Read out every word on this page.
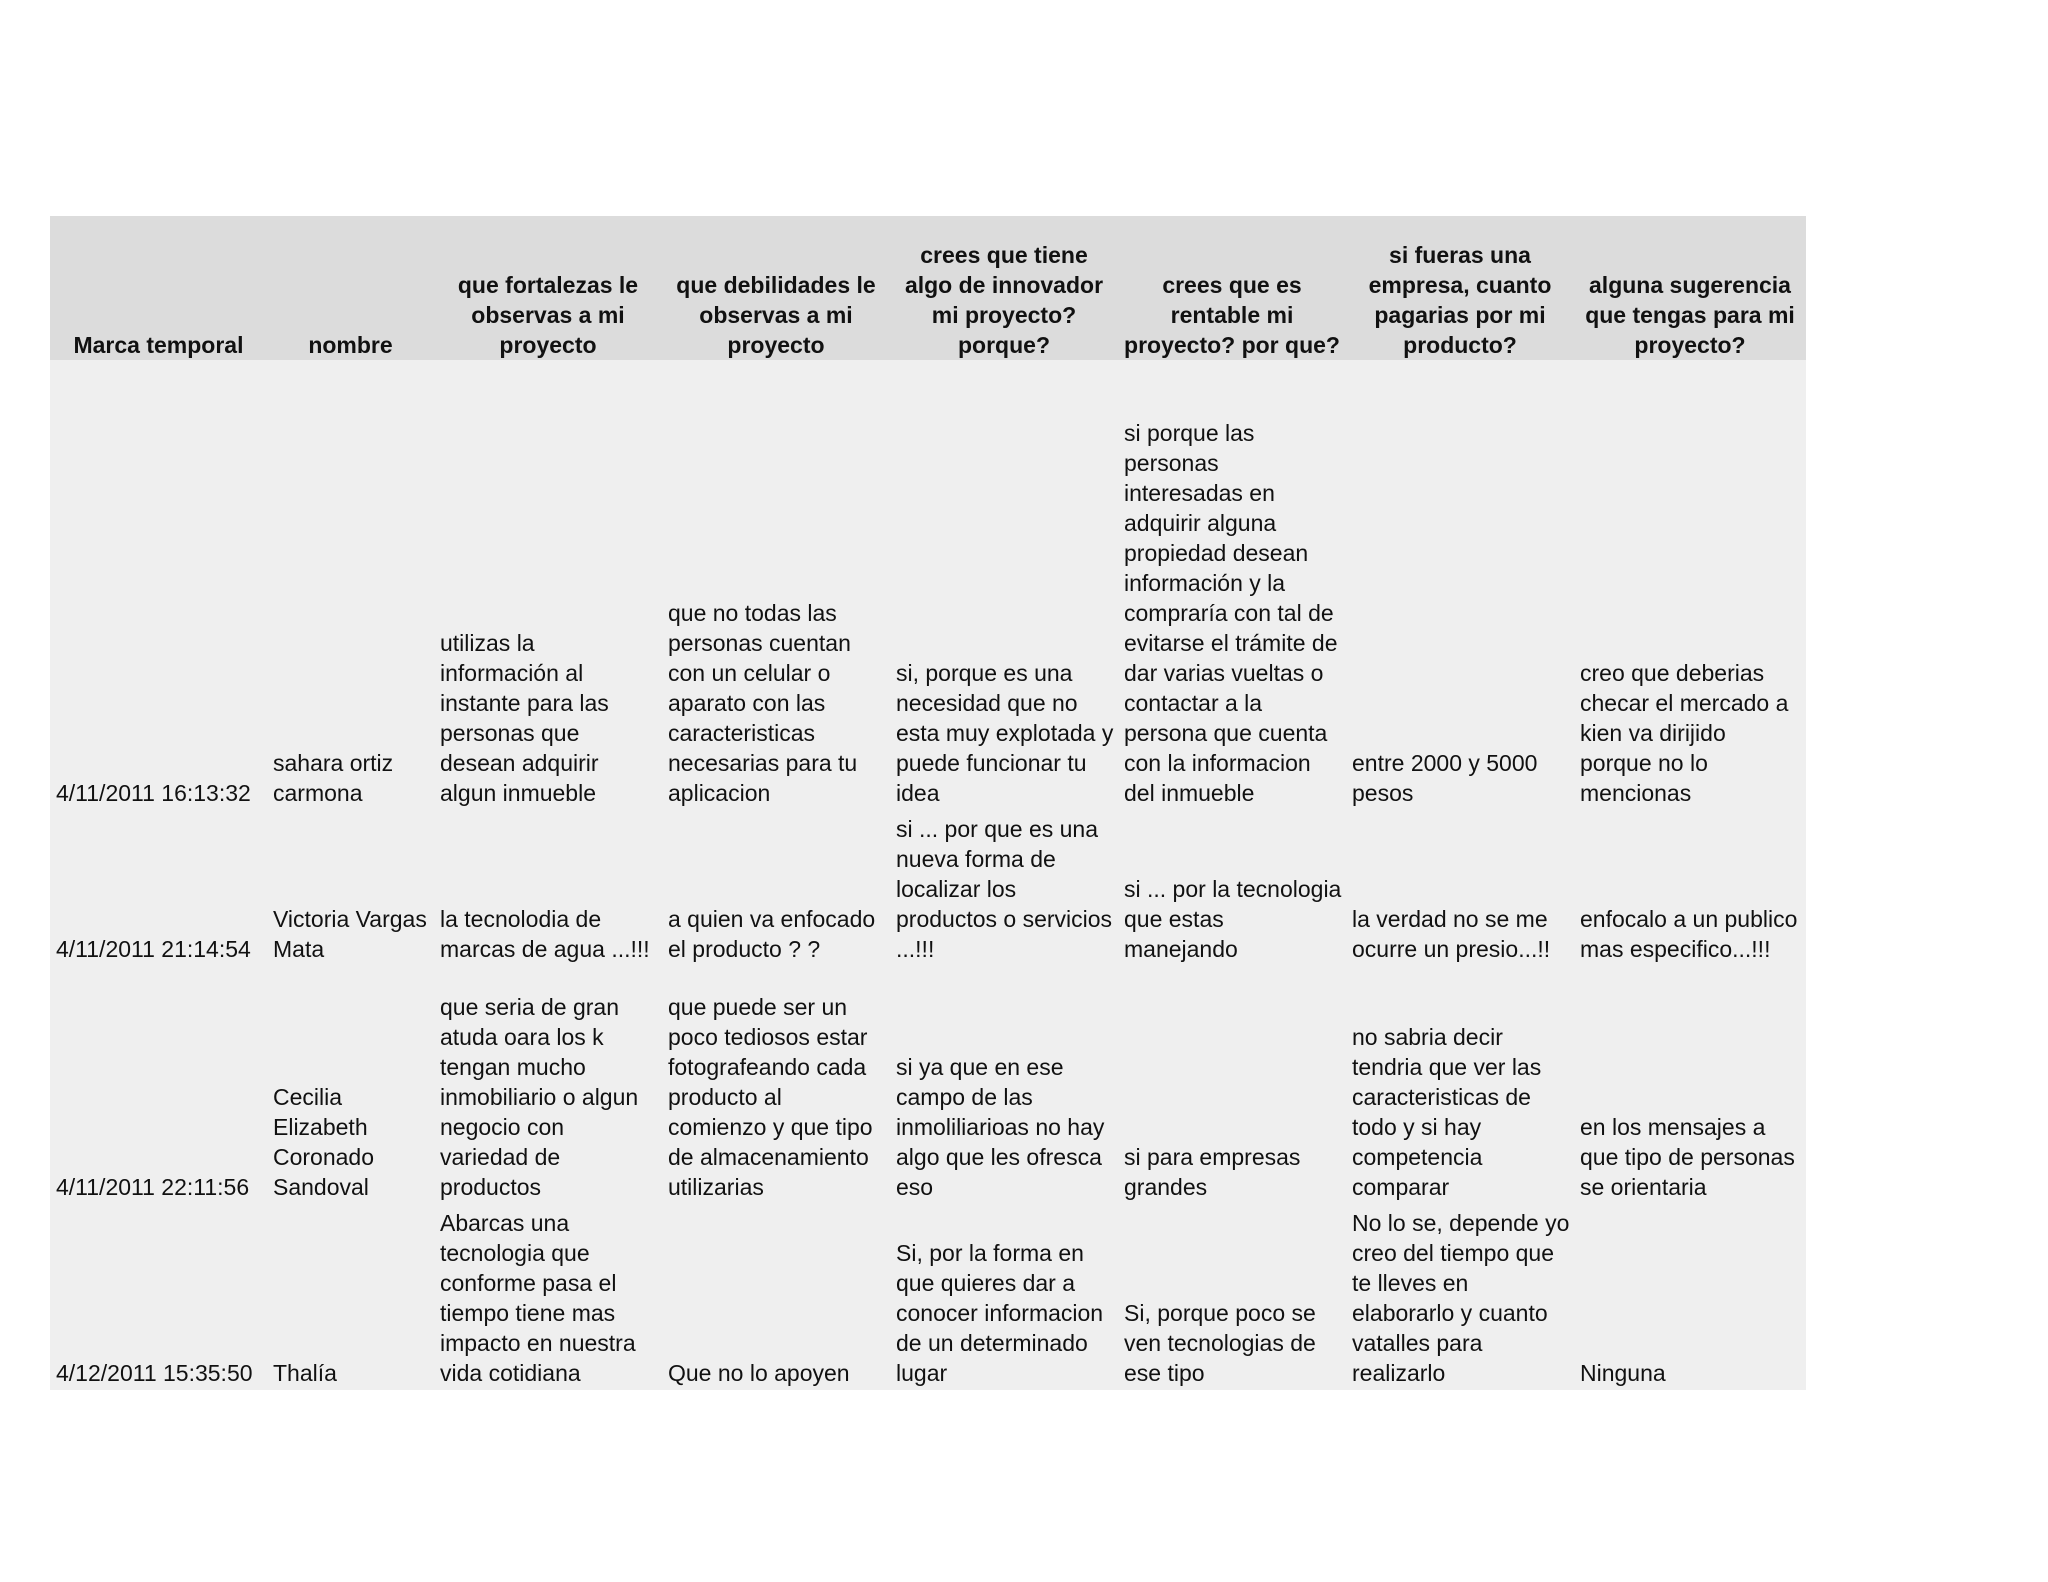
Marca temporal	nombre	que fortalezas le observas a mi proyecto	que debilidades le observas a mi proyecto	crees que tiene algo de innovador mi proyecto? porque?	crees que es rentable mi proyecto? por que?	si fueras una empresa, cuanto pagarias por mi producto?	alguna sugerencia que tengas para mi proyecto?
4/11/2011 16:13:32	sahara ortiz carmona	utilizas la información al instante para las personas que desean adquirir algun inmueble	que no todas las personas cuentan con un celular o aparato con las caracteristicas necesarias para tu aplicacion	si, porque es una necesidad que no esta muy explotada y puede funcionar tu idea	si porque las personas interesadas en adquirir alguna propiedad desean información y la compraría con tal de evitarse el trámite de dar varias vueltas o contactar a la persona que cuenta con la informacion del inmueble	entre 2000 y 5000 pesos	creo que deberias checar el mercado a kien va dirijido porque no lo mencionas
4/11/2011 21:14:54	Victoria Vargas Mata	la tecnolodia de marcas de agua ...!!!	a quien va enfocado el producto ? ?	si ... por que es una nueva forma de localizar los productos o servicios ...!!!	si ... por la tecnologia que estas manejando	la verdad no se me ocurre un presio...!!	enfocalo a un publico mas especifico...!!!
4/11/2011 22:11:56	Cecilia Elizabeth Coronado Sandoval	que seria de gran atuda oara los k tengan mucho inmobiliario o algun negocio con variedad de productos	que puede ser un poco tediosos estar fotografeando cada producto al comienzo y que tipo de almacenamiento utilizarias	si ya que en ese campo de las inmoliliarioas no hay algo que les ofresca eso	si para empresas grandes	no sabria decir tendria que ver las caracteristicas de todo y si hay competencia comparar	en los mensajes a que tipo de personas se orientaria
4/12/2011 15:35:50	Thalía	Abarcas una tecnologia que conforme pasa el tiempo tiene mas impacto en nuestra vida cotidiana	Que no lo apoyen	Si, por la forma en que quieres dar a conocer informacion de un determinado lugar	Si, porque poco se ven tecnologias de ese tipo	No lo se, depende yo creo del tiempo que te lleves en elaborarlo y cuanto vatalles para realizarlo	Ninguna
